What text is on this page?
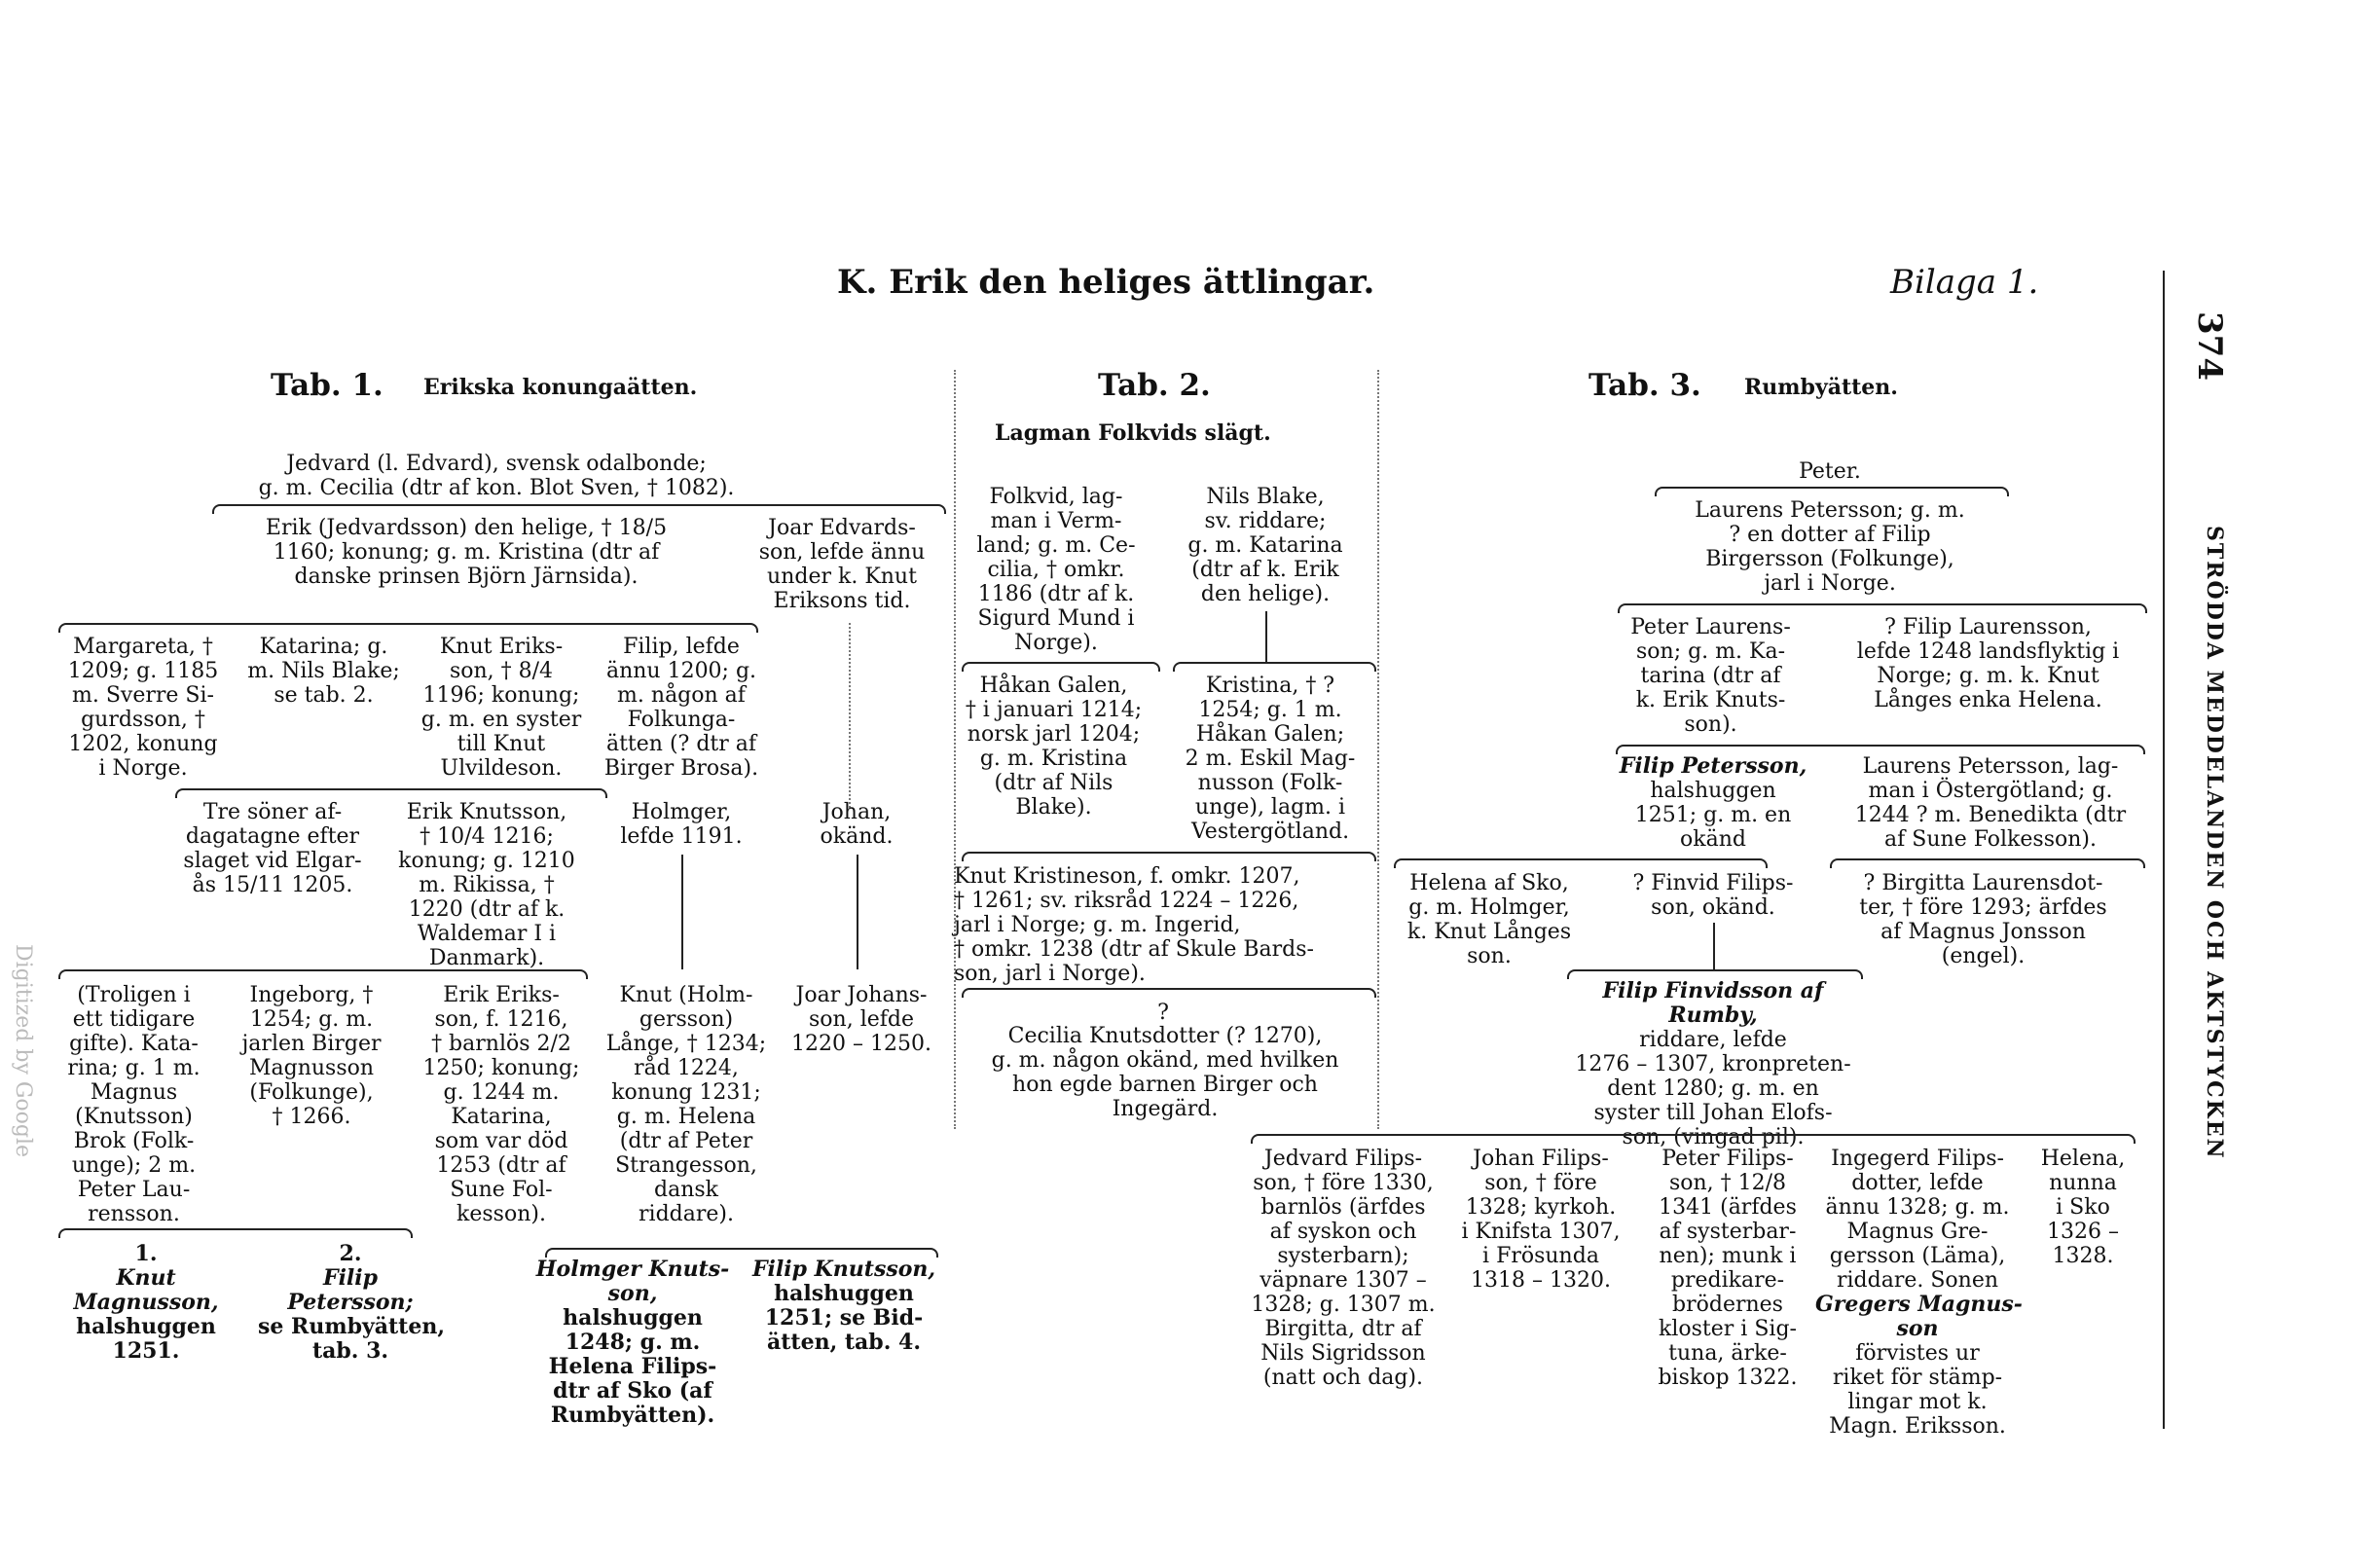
K. Erik den heliges ättlingar.	Bilaga 1.
374
STRÖDDA MEDDELANDEN OCH AKTSTYCKEN
Digitized by Google
Tab. 1. Erikska konungaätten.
Jedvard (l. Edvard), svensk odalbonde;
g. m. Cecilia (dtr af kon. Blot Sven, † 1082).
Erik (Jedvardsson) den helige, † 18/5
1160; konung; g. m. Kristina (dtr af
danske prinsen Björn Järnsida).
Joar Edvards-
son, lefde ännu
under k. Knut
Eriksons tid.
Margareta, †
1209; g. 1185
m. Sverre Si-
gurdsson, †
1202, konung
i Norge.
Katarina; g.
m. Nils Blake;
se tab. 2.
Knut Eriks-
son, † 8/4
1196; konung;
g. m. en syster
till Knut
Ulvildeson.
Filip, lefde
ännu 1200; g.
m. någon af
Folkunga-
ätten (? dtr af
Birger Brosa).
Tre söner af-
dagatagne efter
slaget vid Elgar-
ås 15/11 1205.
Erik Knutsson,
† 10/4 1216;
konung; g. 1210
m. Rikissa, †
1220 (dtr af k.
Waldemar I i
Danmark).
Holmger,
lefde 1191.
Johan,
okänd.
(Troligen i
ett tidigare
gifte). Kata-
rina; g. 1 m.
Magnus
(Knutsson)
Brok (Folk-
unge); 2 m.
Peter Lau-
rensson.
Ingeborg, †
1254; g. m.
jarlen Birger
Magnusson
(Folkunge),
† 1266.
Erik Eriks-
son, f. 1216,
† barnlös 2/2
1250; konung;
g. 1244 m.
Katarina,
som var död
1253 (dtr af
Sune Fol-
kesson).
Knut (Holm-
gersson)
Långe, † 1234;
råd 1224,
konung 1231;
g. m. Helena
(dtr af Peter
Strangesson,
dansk
riddare).
Joar Johans-
son, lefde
1220 – 1250.
1.
Knut Magnusson,
halshuggen
1251.
2.
Filip Petersson;
se Rumbyätten,
tab. 3.
Holmger Knuts-
son,
halshuggen
1248; g. m.
Helena Filips-
dtr af Sko (af
Rumbyätten).
Filip Knutsson,
halshuggen
1251; se Bid-
ätten, tab. 4.
Tab. 2.
Lagman Folkvids slägt.
Folkvid, lag-
man i Verm-
land; g. m. Ce-
cilia, † omkr.
1186 (dtr af k.
Sigurd Mund i
Norge).
Nils Blake,
sv. riddare;
g. m. Katarina
(dtr af k. Erik
den helige).
Håkan Galen,
† i januari 1214;
norsk jarl 1204;
g. m. Kristina
(dtr af Nils
Blake).
Kristina, † ?
1254; g. 1 m.
Håkan Galen;
2 m. Eskil Mag-
nusson (Folk-
unge), lagm. i
Vestergötland.
Knut Kristineson, f. omkr. 1207,
† 1261; sv. riksråd 1224 – 1226,
jarl i Norge; g. m. Ingerid,
† omkr. 1238 (dtr af Skule Bards-
son, jarl i Norge).
?
Cecilia Knutsdotter (? 1270),
g. m. någon okänd, med hvilken
hon egde barnen Birger och
Ingegärd.
Tab. 3. Rumbyätten.
Peter.
Laurens Petersson; g. m.
? en dotter af Filip
Birgersson (Folkunge),
jarl i Norge.
Peter Laurens-
son; g. m. Ka-
tarina (dtr af
k. Erik Knuts-
son).
? Filip Laurensson,
lefde 1248 landsflyktig i
Norge; g. m. k. Knut
Långes enka Helena.
Filip Petersson,
halshuggen
1251; g. m. en
okänd
Laurens Petersson, lag-
man i Östergötland; g.
1244 ? m. Benedikta (dtr
af Sune Folkesson).
Helena af Sko,
g. m. Holmger,
k. Knut Långes
son.
? Finvid Filips-
son, okänd.
? Birgitta Laurensdot-
ter, † före 1293; ärfdes
af Magnus Jonsson
(engel).
Filip Finvidsson af
Rumby,
riddare, lefde
1276 – 1307, kronpreten-
dent 1280; g. m. en
syster till Johan Elofs-
son, (vingad pil).
Jedvard Filips-
son, † före 1330,
barnlös (ärfdes
af syskon och
systerbarn);
väpnare 1307 –
1328; g. 1307 m.
Birgitta, dtr af
Nils Sigridsson
(natt och dag).
Johan Filips-
son, † före
1328; kyrkoh.
i Knifsta 1307,
i Frösunda
1318 – 1320.
Peter Filips-
son, † 12/8
1341 (ärfdes
af systerbar-
nen); munk i
predikare-
brödernes
kloster i Sig-
tuna, ärke-
biskop 1322.
Ingegerd Filips-
dotter, lefde
ännu 1328; g. m.
Magnus Gre-
gersson (Läma),
riddare. Sonen
Gregers Magnus-
son
förvistes ur
riket för stämp-
lingar mot k.
Magn. Eriksson.
Helena,
nunna
i Sko
1326 –
1328.
